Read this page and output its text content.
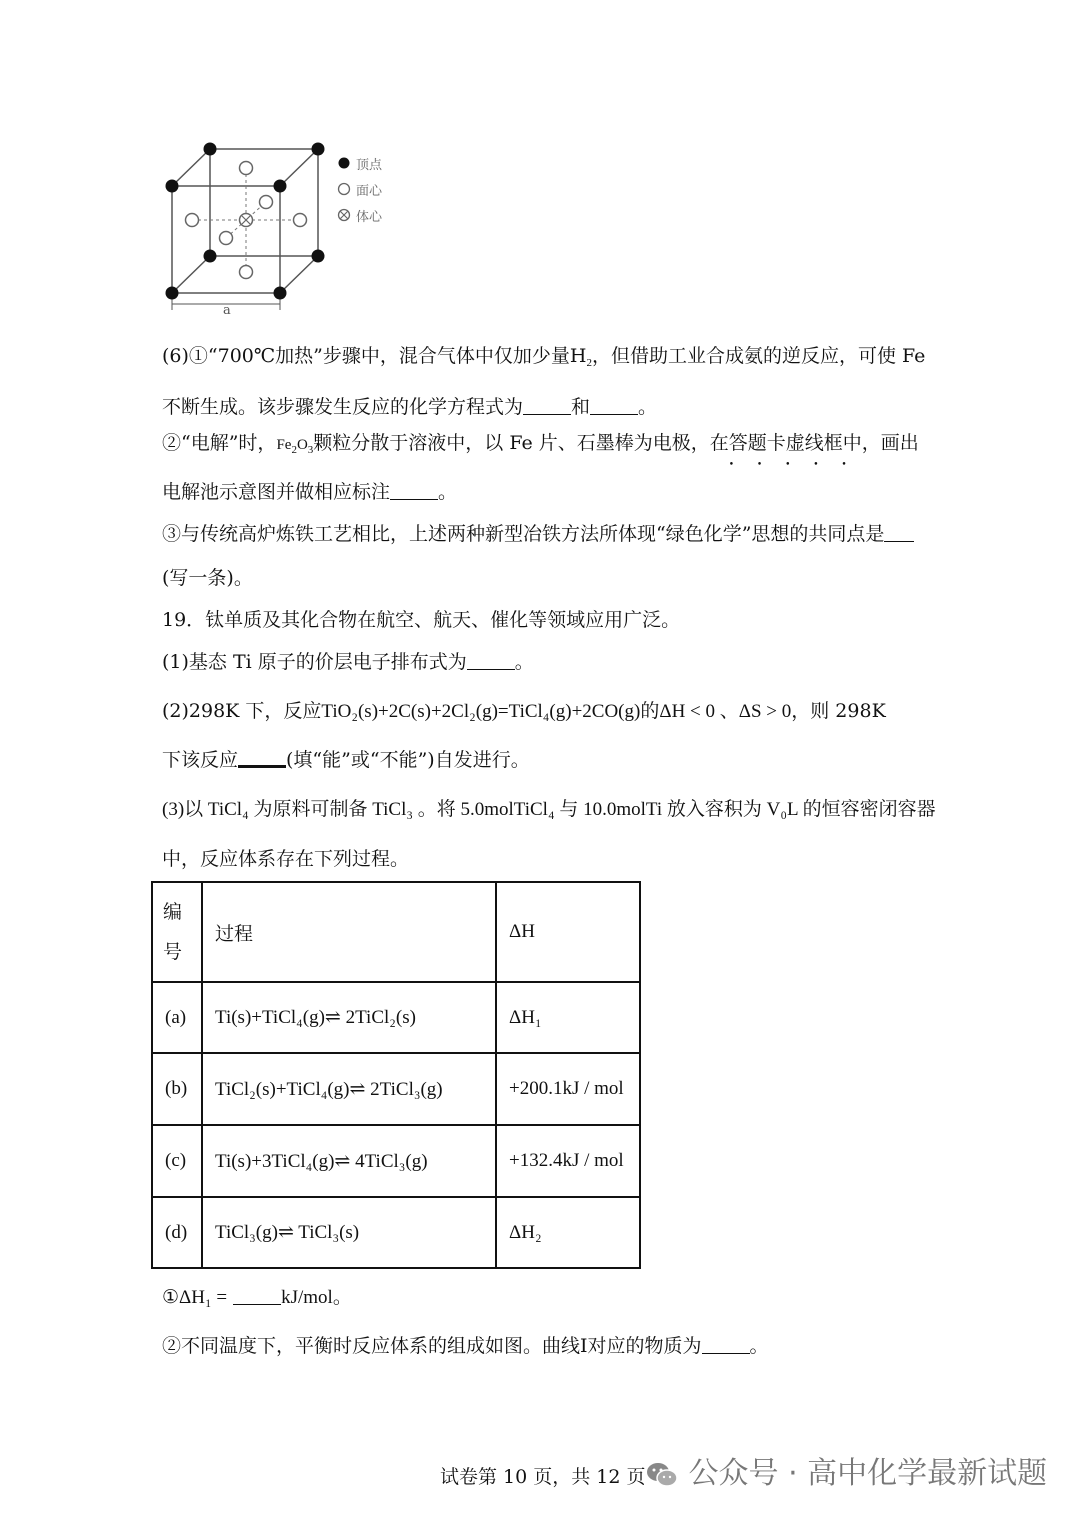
顶点
面心
体心
a
(6)①“700℃加热”步骤中，混合气体中仅加少量$H_2$，但借助工业合成氨的逆反应，可使 Fe
不断生成。该步骤发生反应的化学方程式为	和	。
②“电解”时，$Fe_2O_3$颗粒分散于溶液中，以 Fe 片、石墨棒为电极，在答题卡虚线框 • • •中，画出
电解池示意图并做相应标注	。
③与传统高炉炼铁工艺相比，上述两种新型冶铁方法所体现“绿色化学”思想的共同点是
(写一条)。
19．钛单质及其化合物在航空、航天、催化等领域应用广泛。
(1)基态 Ti 原子的价层电子排布式为	。
(2)298K 下，反应TiO₂(s)+2C(s)+2Cl₂(g)=TiCl₄(g)+2CO(g)的ΔH < 0 、ΔS > 0，则 298K
下该反应	(填“能”或“不能”)自发进行。
(3)以 TiCl₄ 为原料可制备 TiCl₃ 。将 5.0molTiCl₄ 与 10.0molTi 放入容积为 V₀L 的恒容密闭容器
中，反应体系存在下列过程。
编号	过程	ΔH
(a)	Ti(s)+TiCl₄(g)⇌ 2TiCl₂(s)	ΔH₁
(b)	TiCl₂(s)+TiCl₄(g)⇌ 2TiCl₃(g)	+200.1kJ / mol
(c)	Ti(s)+3TiCl₄(g)⇌ 4TiCl₃(g)	+132.4kJ / mol
(d)	TiCl₃(g)⇌ TiCl₃(s)	ΔH₂
①ΔH₁ =	kJ/mol。
②不同温度下，平衡时反应体系的组成如图。曲线Ⅰ对应的物质为	。
试卷第 10 页，共 12 页	公众号 · 高中化学最新试题
